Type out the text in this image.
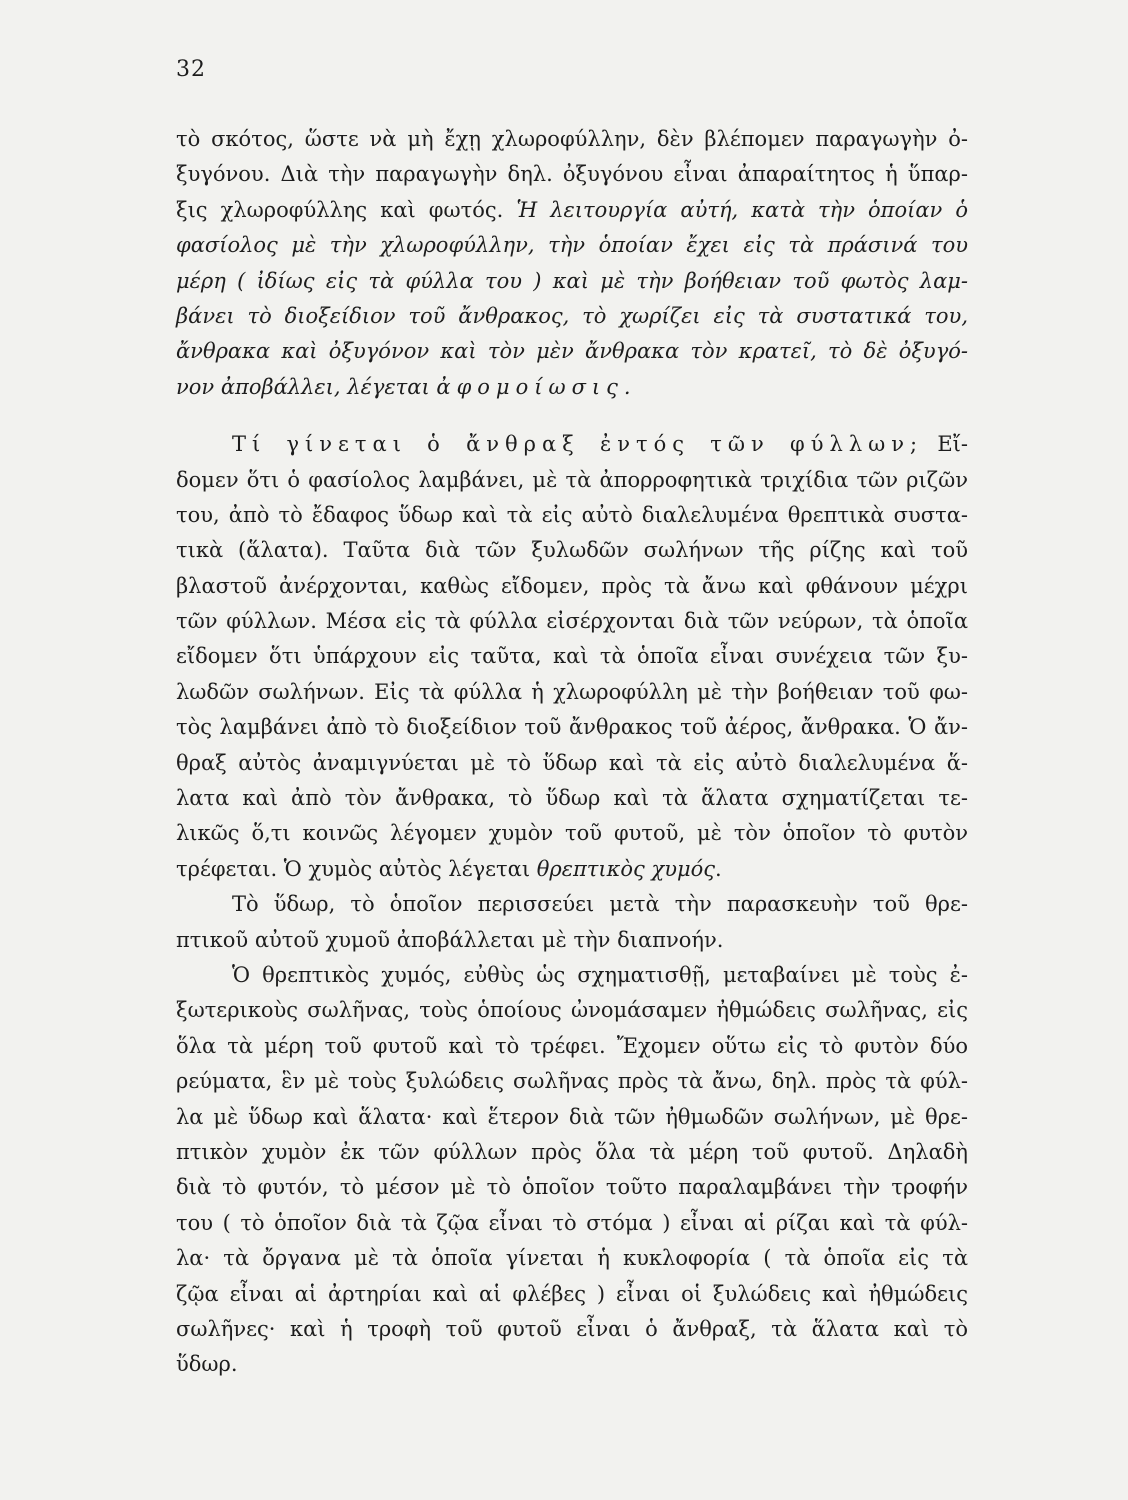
32
τὸ σκότος, ὥστε νὰ μὴ ἔχῃ χλωροφύλλην, δὲν βλέπομεν παραγωγὴν ὀ-
ξυγόνου. Διὰ τὴν παραγωγὴν δηλ. ὀξυγόνου εἶναι ἀπαραίτητος ἡ ὕπαρ-
ξις χλωροφύλλης καὶ φωτός. Ἡ λειτουργία αὐτή, κατὰ τὴν ὁποίαν ὁ
φασίολος μὲ τὴν χλωροφύλλην, τὴν ὁποίαν ἔχει εἰς τὰ πράσινά του
μέρη ( ἰδίως εἰς τὰ φύλλα του ) καὶ μὲ τὴν βοήθειαν τοῦ φωτὸς λαμ-
βάνει τὸ διοξείδιον τοῦ ἄνθρακος, τὸ χωρίζει εἰς τὰ συστατικά του,
ἄνθρακα καὶ ὀξυγόνον καὶ τὸν μὲν ἄνθρακα τὸν κρατεῖ, τὸ δὲ ὀξυγό-
νον ἀποβάλλει, λέγεται ἀφομοίωσις.
Τί γίνεται ὁ ἄνθραξ ἐντός τῶν φύλλων; Εἴ-
δομεν ὅτι ὁ φασίολος λαμβάνει, μὲ τὰ ἀπορροφητικὰ τριχίδια τῶν ριζῶν
του, ἀπὸ τὸ ἔδαφος ὕδωρ καὶ τὰ εἰς αὐτὸ διαλελυμένα θρεπτικὰ συστα-
τικὰ (ἅλατα). Ταῦτα διὰ τῶν ξυλωδῶν σωλήνων τῆς ρίζης καὶ τοῦ
βλαστοῦ ἀνέρχονται, καθὼς εἴδομεν, πρὸς τὰ ἄνω καὶ φθάνουν μέχρι
τῶν φύλλων. Μέσα εἰς τὰ φύλλα εἰσέρχονται διὰ τῶν νεύρων, τὰ ὁποῖα
εἴδομεν ὅτι ὑπάρχουν εἰς ταῦτα, καὶ τὰ ὁποῖα εἶναι συνέχεια τῶν ξυ-
λωδῶν σωλήνων. Εἰς τὰ φύλλα ἡ χλωροφύλλη μὲ τὴν βοήθειαν τοῦ φω-
τὸς λαμβάνει ἀπὸ τὸ διοξείδιον τοῦ ἄνθρακος τοῦ ἀέρος, ἄνθρακα. Ὁ ἄν-
θραξ αὐτὸς ἀναμιγνύεται μὲ τὸ ὕδωρ καὶ τὰ εἰς αὐτὸ διαλελυμένα ἅ-
λατα καὶ ἀπὸ τὸν ἄνθρακα, τὸ ὕδωρ καὶ τὰ ἅλατα σχηματίζεται τε-
λικῶς ὅ,τι κοινῶς λέγομεν χυμὸν τοῦ φυτοῦ, μὲ τὸν ὁποῖον τὸ φυτὸν
τρέφεται. Ὁ χυμὸς αὐτὸς λέγεται θρεπτικὸς χυμός.
Τὸ ὕδωρ, τὸ ὁποῖον περισσεύει μετὰ τὴν παρασκευὴν τοῦ θρε-
πτικοῦ αὐτοῦ χυμοῦ ἀποβάλλεται μὲ τὴν διαπνοήν.
Ὁ θρεπτικὸς χυμός, εὐθὺς ὡς σχηματισθῇ, μεταβαίνει μὲ τοὺς ἐ-
ξωτερικοὺς σωλῆνας, τοὺς ὁποίους ὠνομάσαμεν ἠθμώδεις σωλῆνας, εἰς
ὅλα τὰ μέρη τοῦ φυτοῦ καὶ τὸ τρέφει. Ἔχομεν οὕτω εἰς τὸ φυτὸν δύο
ρεύματα, ἓν μὲ τοὺς ξυλώδεις σωλῆνας πρὸς τὰ ἄνω, δηλ. πρὸς τὰ φύλ-
λα μὲ ὕδωρ καὶ ἅλατα· καὶ ἕτερον διὰ τῶν ἠθμωδῶν σωλήνων, μὲ θρε-
πτικὸν χυμὸν ἐκ τῶν φύλλων πρὸς ὅλα τὰ μέρη τοῦ φυτοῦ. Δηλαδὴ
διὰ τὸ φυτόν, τὸ μέσον μὲ τὸ ὁποῖον τοῦτο παραλαμβάνει τὴν τροφήν
του ( τὸ ὁποῖον διὰ τὰ ζῷα εἶναι τὸ στόμα ) εἶναι αἱ ρίζαι καὶ τὰ φύλ-
λα· τὰ ὄργανα μὲ τὰ ὁποῖα γίνεται ἡ κυκλοφορία ( τὰ ὁποῖα εἰς τὰ
ζῷα εἶναι αἱ ἀρτηρίαι καὶ αἱ φλέβες ) εἶναι οἱ ξυλώδεις καὶ ἠθμώδεις
σωλῆνες· καὶ ἡ τροφὴ τοῦ φυτοῦ εἶναι ὁ ἄνθραξ, τὰ ἅλατα καὶ τὸ
ὕδωρ.
